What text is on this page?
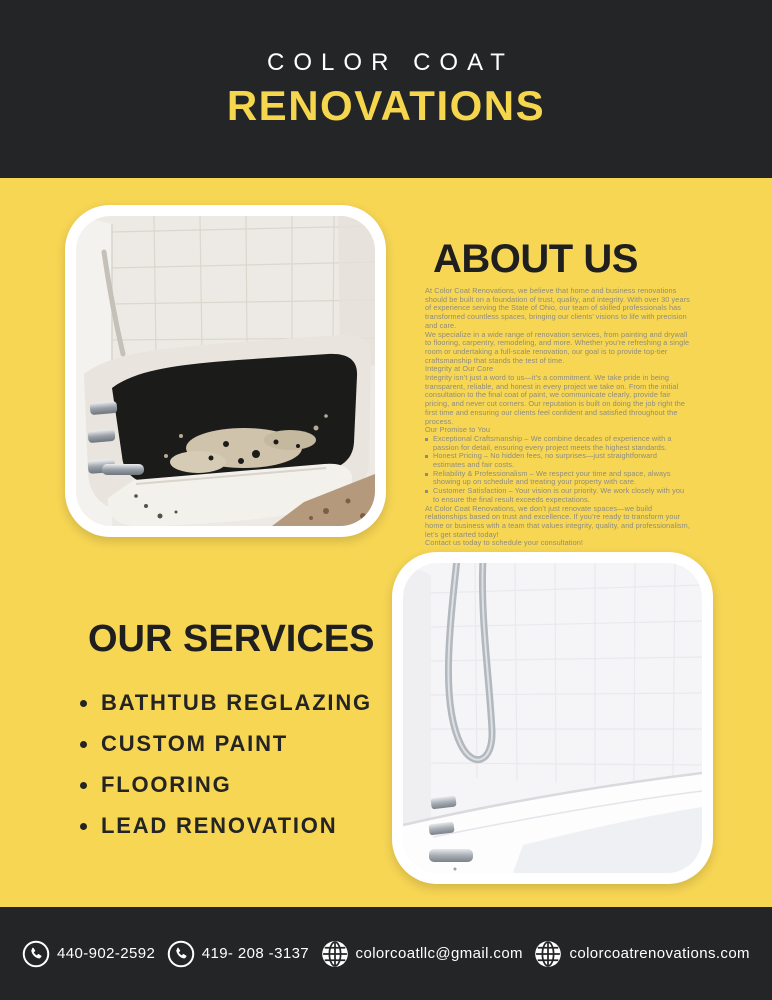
COLOR COAT
RENOVATIONS
ABOUT US

At Color Coat Renovations, we believe that home and business renovations should be built on a foundation of trust, quality, and integrity. With over 30 years of experience serving the State of Ohio, our team of skilled professionals has transformed countless spaces, bringing our clients’ visions to life with precision and care.

We specialize in a wide range of renovation services, from painting and drywall to flooring, carpentry, remodeling, and more. Whether you’re refreshing a single room or undertaking a full-scale renovation, our goal is to provide top-tier craftsmanship that stands the test of time.

Integrity at Our Core

Integrity isn’t just a word to us—it’s a commitment. We take pride in being transparent, reliable, and honest in every project we take on. From the initial consultation to the final coat of paint, we communicate clearly, provide fair pricing, and never cut corners. Our reputation is built on doing the job right the first time and ensuring our clients feel confident and satisfied throughout the process.

Our Promise to You

Exceptional Craftsmanship – We combine decades of experience with a passion for detail, ensuring every project meets the highest standards.

Honest Pricing – No hidden fees, no surprises—just straightforward estimates and fair costs.

Reliability & Professionalism – We respect your time and space, always showing up on schedule and treating your property with care.

Customer Satisfaction – Your vision is our priority. We work closely with you to ensure the final result exceeds expectations.

At Color Coat Renovations, we don’t just renovate spaces—we build relationships based on trust and excellence. If you’re ready to transform your home or business with a team that values integrity, quality, and professionalism, let’s get started today!

Contact us today to schedule your consultation!

OUR SERVICES
BATHTUB REGLAZING
CUSTOM PAINT
FLOORING
LEAD RENOVATION
440-902-2592	419- 208 -3137	colorcoatllc@gmail.com	colorcoatrenovations.com
